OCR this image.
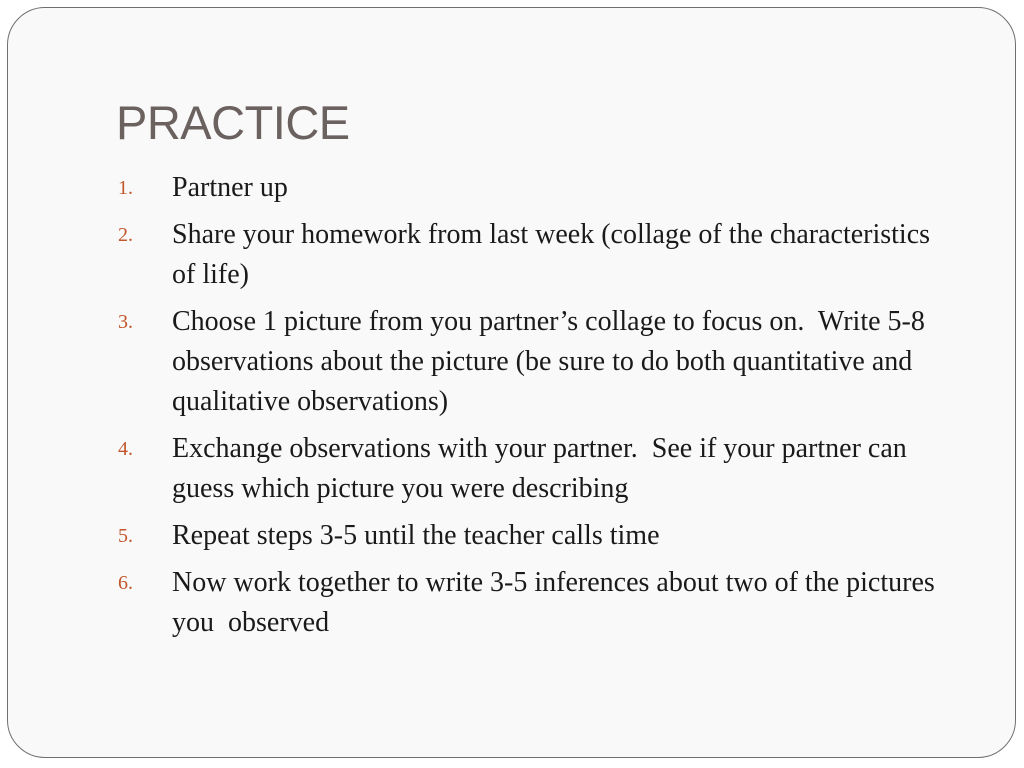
PRACTICE
1. Partner up
2. Share your homework from last week (collage of the characteristics of life)
3. Choose 1 picture from you partner’s collage to focus on.  Write 5-8 observations about the picture (be sure to do both quantitative and qualitative observations)
4. Exchange observations with your partner.  See if your partner can guess which picture you were describing
5. Repeat steps 3-5 until the teacher calls time
6. Now work together to write 3-5 inferences about two of the pictures you  observed
